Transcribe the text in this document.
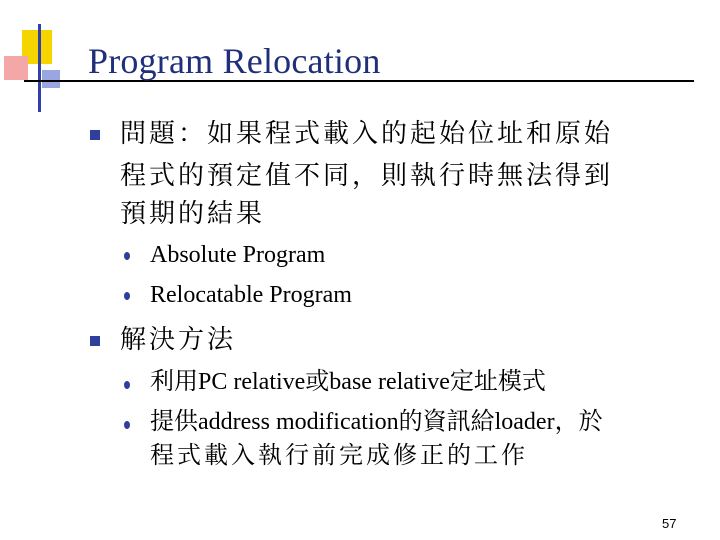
Program Relocation
問題：如果程式載入的起始位址和原始
程式的預定值不同，則執行時無法得到
預期的結果
Absolute Program
Relocatable Program
解決方法
利用PC relative或base relative定址模式
提供address modification的資訊給loader，於
程式載入執行前完成修正的工作
57
